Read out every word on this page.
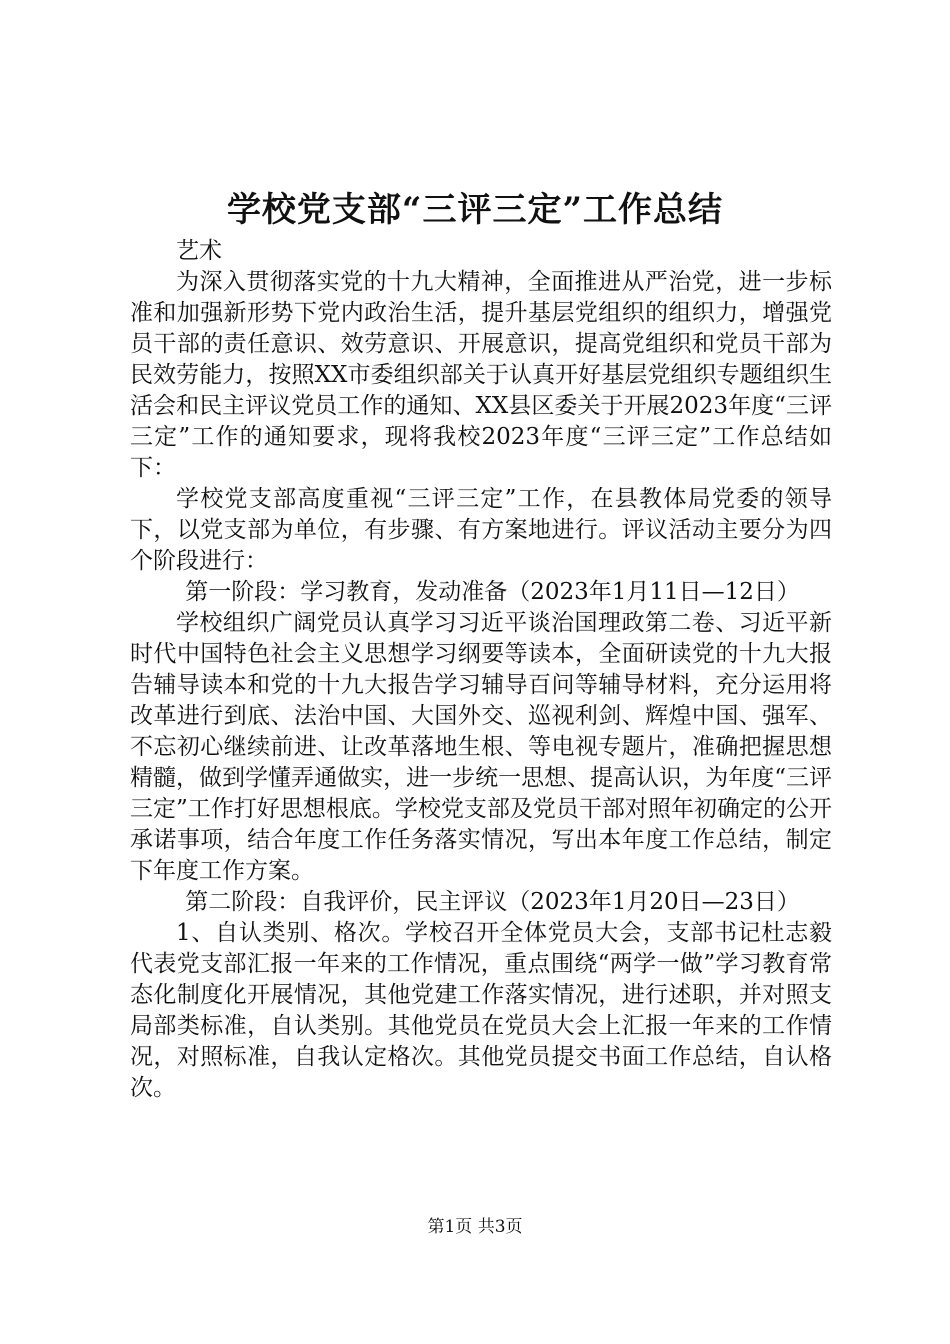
学校党支部“三评三定”工作总结

艺术

为深入贯彻落实党的十九大精神，全面推进从严治党，进一步标准和加强新形势下党内政治生活，提升基层党组织的组织力，增强党员干部的责任意识、效劳意识、开展意识，提高党组织和党员干部为民效劳能力，按照XX市委组织部关于认真开好基层党组织专题组织生活会和民主评议党员工作的通知、XX县区委关于开展2023年度“三评三定”工作的通知要求，现将我校2023年度“三评三定”工作总结如下：

学校党支部高度重视“三评三定”工作，在县教体局党委的领导下，以党支部为单位，有步骤、有方案地进行。评议活动主要分为四个阶段进行：

第一阶段：学习教育，发动准备（2023年1月11日—12日）

学校组织广阔党员认真学习习近平谈治国理政第二卷、习近平新时代中国特色社会主义思想学习纲要等读本，全面研读党的十九大报告辅导读本和党的十九大报告学习辅导百问等辅导材料，充分运用将改革进行到底、法治中国、大国外交、巡视利剑、辉煌中国、强军、不忘初心继续前进、让改革落地生根、等电视专题片，准确把握思想精髓，做到学懂弄通做实，进一步统一思想、提高认识，为年度“三评三定”工作打好思想根底。学校党支部及党员干部对照年初确定的公开承诺事项，结合年度工作任务落实情况，写出本年度工作总结，制定下年度工作方案。

第二阶段：自我评价，民主评议（2023年1月20日—23日）

1、自认类别、格次。学校召开全体党员大会，支部书记杜志毅代表党支部汇报一年来的工作情况，重点围绕“两学一做”学习教育常态化制度化开展情况，其他党建工作落实情况，进行述职，并对照支局部类标准，自认类别。其他党员在党员大会上汇报一年来的工作情况，对照标准，自我认定格次。其他党员提交书面工作总结，自认格次。

第1页 共3页
